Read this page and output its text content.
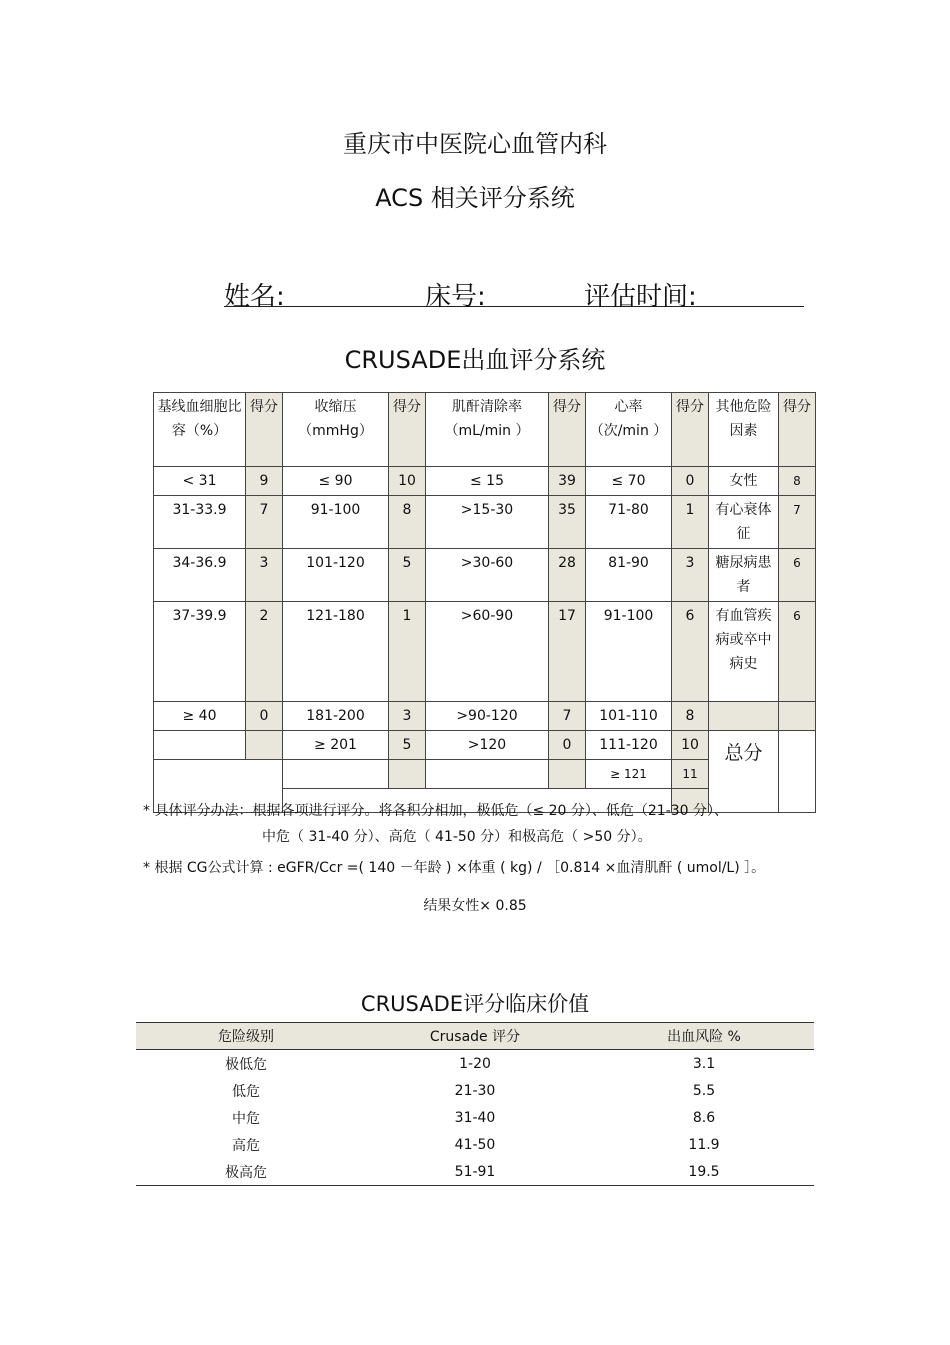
重庆市中医院心血管内科
ACS 相关评分系统
姓名:	床号:	评估时间:
CRUSADE出血评分系统
基线血细胞比容（%）	得分	收缩压（mmHg）	得分	肌酐清除率（mL/min ）	得分	心率（次/min ）	得分	其他危险因素	得分
< 31	9	≤ 90	10	≤ 15	39	≤ 70	0	女性	8
31-33.9	7	91-100	8	>15-30	35	71-80	1	有心衰体征	7
34-36.9	3	101-120	5	>30-60	28	81-90	3	糖尿病患者	6
37-39.9	2	121-180	1	>60-90	17	91-100	6	有血管疾病或卒中病史	6
≥ 40	0	181-200	3	>90-120	7	101-110	8		
		≥ 201	5	>120	0	111-120	10	总分	
						≥ 121	11		

* 具体评分办法：根据各项进行评分。将各积分相加，极低危（≤ 20 分）、低危（21-30 分）、
中危（ 31-40 分）、高危（ 41-50 分）和极高危（ >50 分）。
* 根据 CG公式计算 : eGFR/Ccr =( 140 －年龄 ) ×体重 ( kg) / ［0.814 ×血清肌酐 ( umol/L) ］。
结果女性× 0.85
CRUSADE评分临床价值
危险级别	Crusade 评分	出血风险 %
极低危	1-20	3.1
低危	21-30	5.5
中危	31-40	8.6
高危	41-50	11.9
极高危	51-91	19.5
